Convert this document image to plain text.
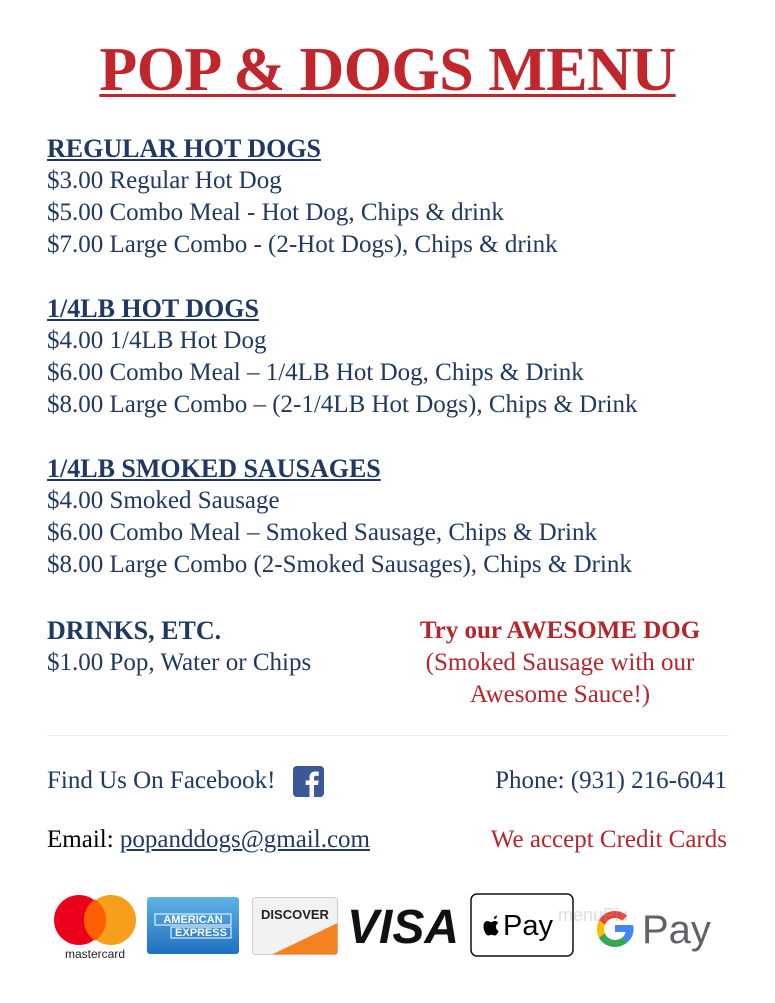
POP & DOGS MENU
REGULAR HOT DOGS
$3.00 Regular Hot Dog
$5.00 Combo Meal - Hot Dog, Chips & drink
$7.00 Large Combo - (2-Hot Dogs), Chips & drink
1/4LB HOT DOGS
$4.00 1/4LB Hot Dog
$6.00 Combo Meal – 1/4LB Hot Dog, Chips & Drink
$8.00 Large Combo – (2-1/4LB Hot Dogs), Chips & Drink
1/4LB SMOKED SAUSAGES
$4.00 Smoked Sausage
$6.00 Combo Meal – Smoked Sausage, Chips & Drink
$8.00 Large Combo (2-Smoked Sausages), Chips & Drink
DRINKS, ETC.
$1.00 Pop, Water or Chips
Try our AWESOME DOG
(Smoked Sausage with our
Awesome Sauce!)
Find Us On Facebook!	Phone: (931) 216-6041
Email: popanddogs@gmail.com	We accept Credit Cards
mastercard
AMERICAN
EXPRESS
DISCOVER VISA Pay Pay
menuPix
